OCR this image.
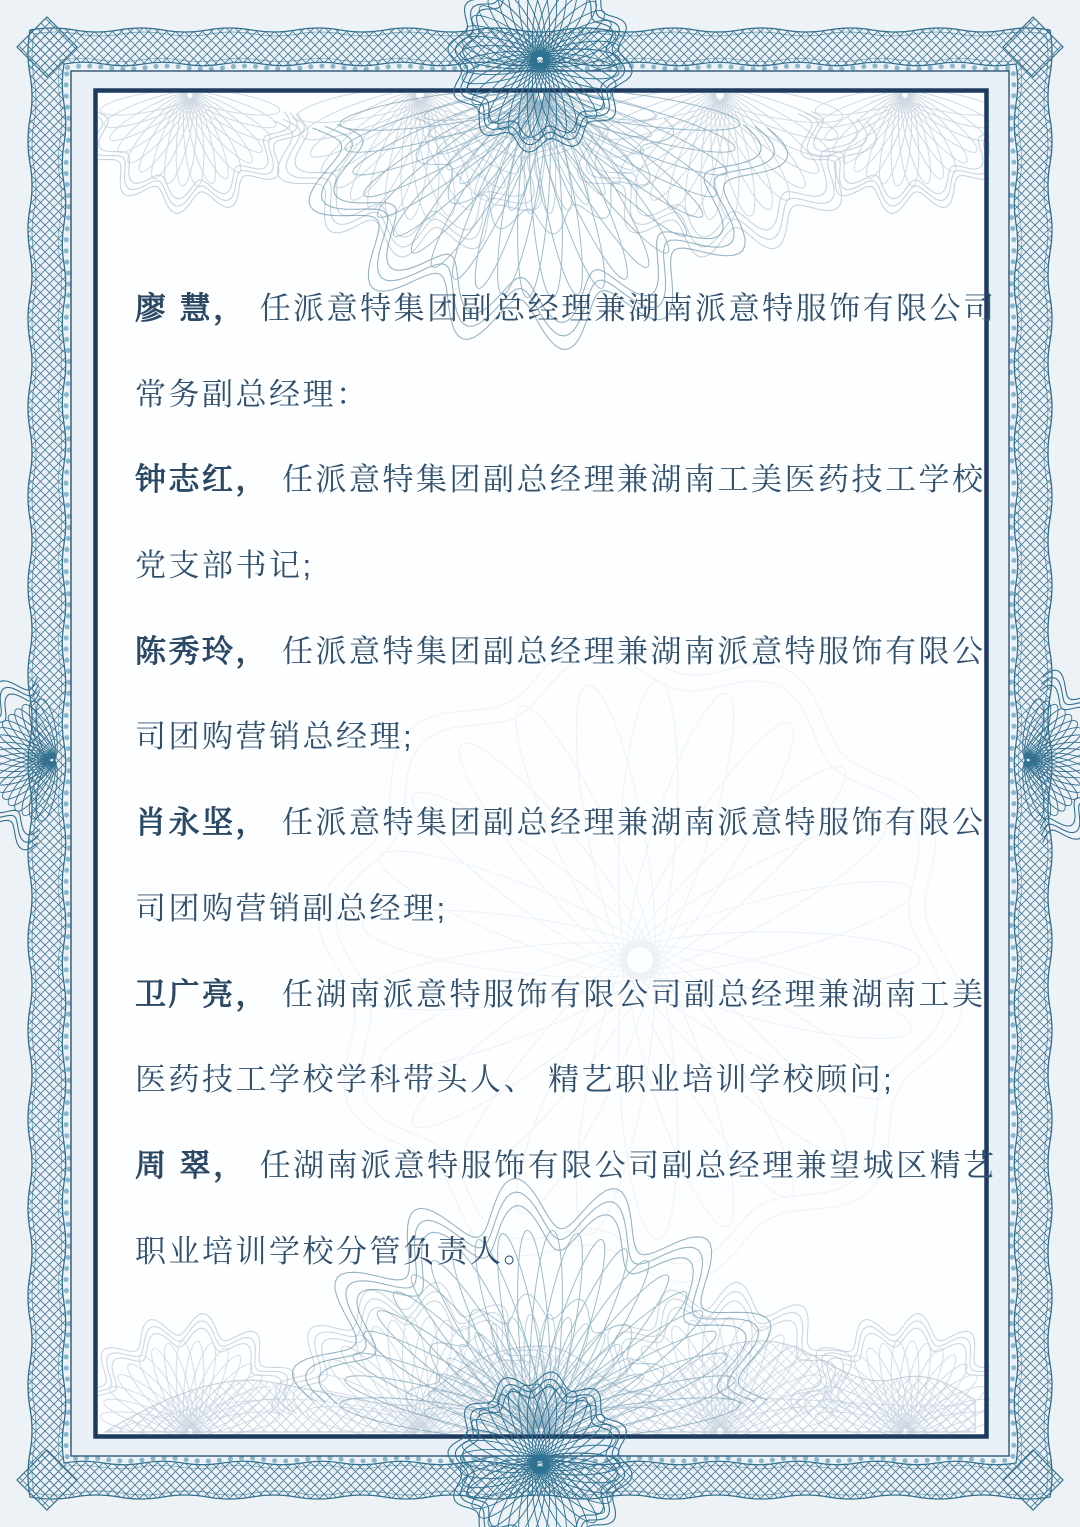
廖 慧， 任派意特集团副总经理兼湖南派意特服饰有限公司
常务副总经理：
钟志红， 任派意特集团副总经理兼湖南工美医药技工学校
党支部书记;
陈秀玲， 任派意特集团副总经理兼湖南派意特服饰有限公
司团购营销总经理;
肖永坚， 任派意特集团副总经理兼湖南派意特服饰有限公
司团购营销副总经理;
卫广亮， 任湖南派意特服饰有限公司副总经理兼湖南工美
医药技工学校学科带头人、 精艺职业培训学校顾问;
周 翠， 任湖南派意特服饰有限公司副总经理兼望城区精艺
职业培训学校分管负责人。
